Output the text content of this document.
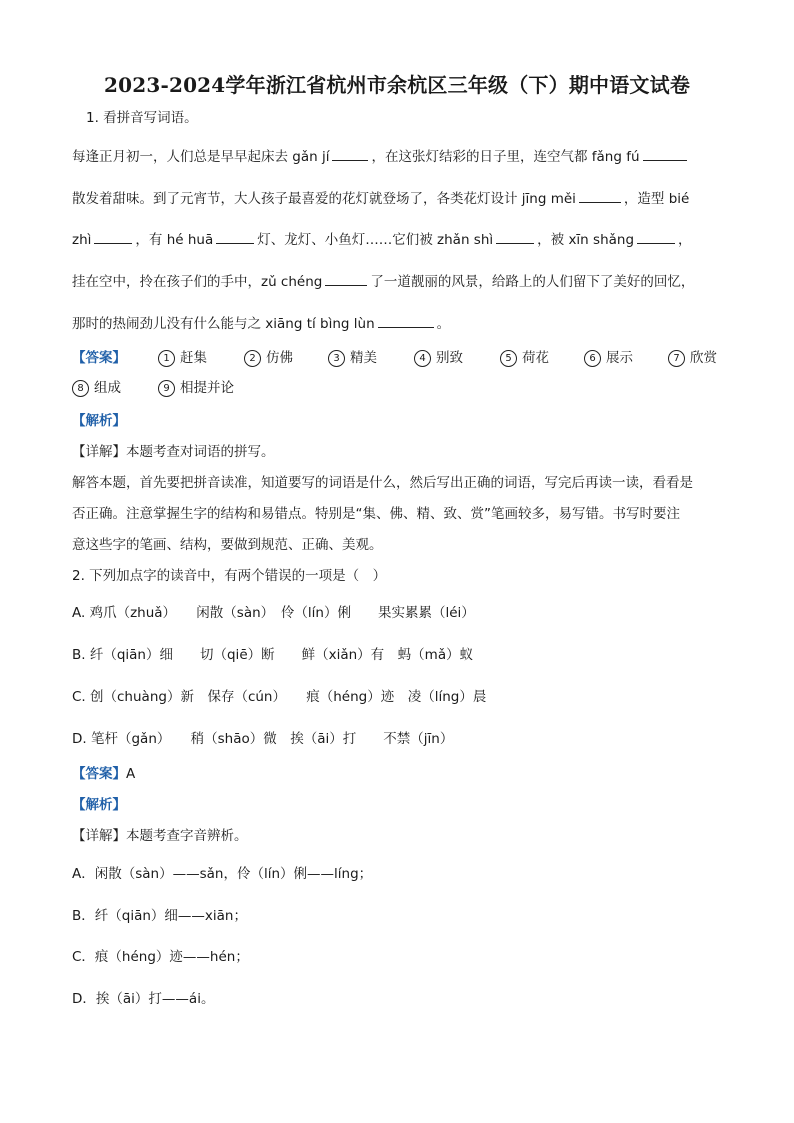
2023-2024学年浙江省杭州市余杭区三年级（下）期中语文试卷
1. 看拼音写词语。
每逢正月初一，人们总是早早起床去 gǎn jí	，在这张灯结彩的日子里，连空气都 fǎng fú
散发着甜味。到了元宵节，大人孩子最喜爱的花灯就登场了，各类花灯设计 jīng měi	，造型 bié
zhì	，有 hé huā	灯、龙灯、小鱼灯……它们被 zhǎn shì	，被 xīn shǎng	，
挂在空中，拎在孩子们的手中，zǔ chéng	了一道靓丽的风景，给路上的人们留下了美好的回忆，
那时的热闹劲儿没有什么能与之 xiāng tí bìng lùn	。
【答案】	1 赶集	2 仿佛	3 精美	4 别致	5 荷花	6 展示	7 欣赏
8 组成	9 相提并论
【解析】
【详解】本题考查对词语的拼写。
解答本题，首先要把拼音读准，知道要写的词语是什么，然后写出正确的词语，写完后再读一读，看看是
否正确。注意掌握生字的结构和易错点。特别是“集、佛、精、致、赏”笔画较多，易写错。书写时要注
意这些字的笔画、结构，要做到规范、正确、美观。
2. 下列加点字的读音中，有两个错误的一项是（　）
A. 鸡爪（zhuǎ）　　闲散（sàn）　伶（lín）俐　　果实累累（léi）
B. 纤（qiān）细　　切（qiē）断　　鲜（xiǎn）有　蚂（mǎ）蚁
C. 创（chuàng）新　保存（cún）　　痕（héng）迹　凌（líng）晨
D. 笔杆（gǎn）　　稍（shāo）微　挨（āi）打　　不禁（jīn）
【答案】A
【解析】
【详解】本题考查字音辨析。
A．闲散（sàn）——sǎn，伶（lín）俐——líng；
B．纤（qiān）细——xiān；
C．痕（héng）迹——hén；
D．挨（āi）打——ái。
